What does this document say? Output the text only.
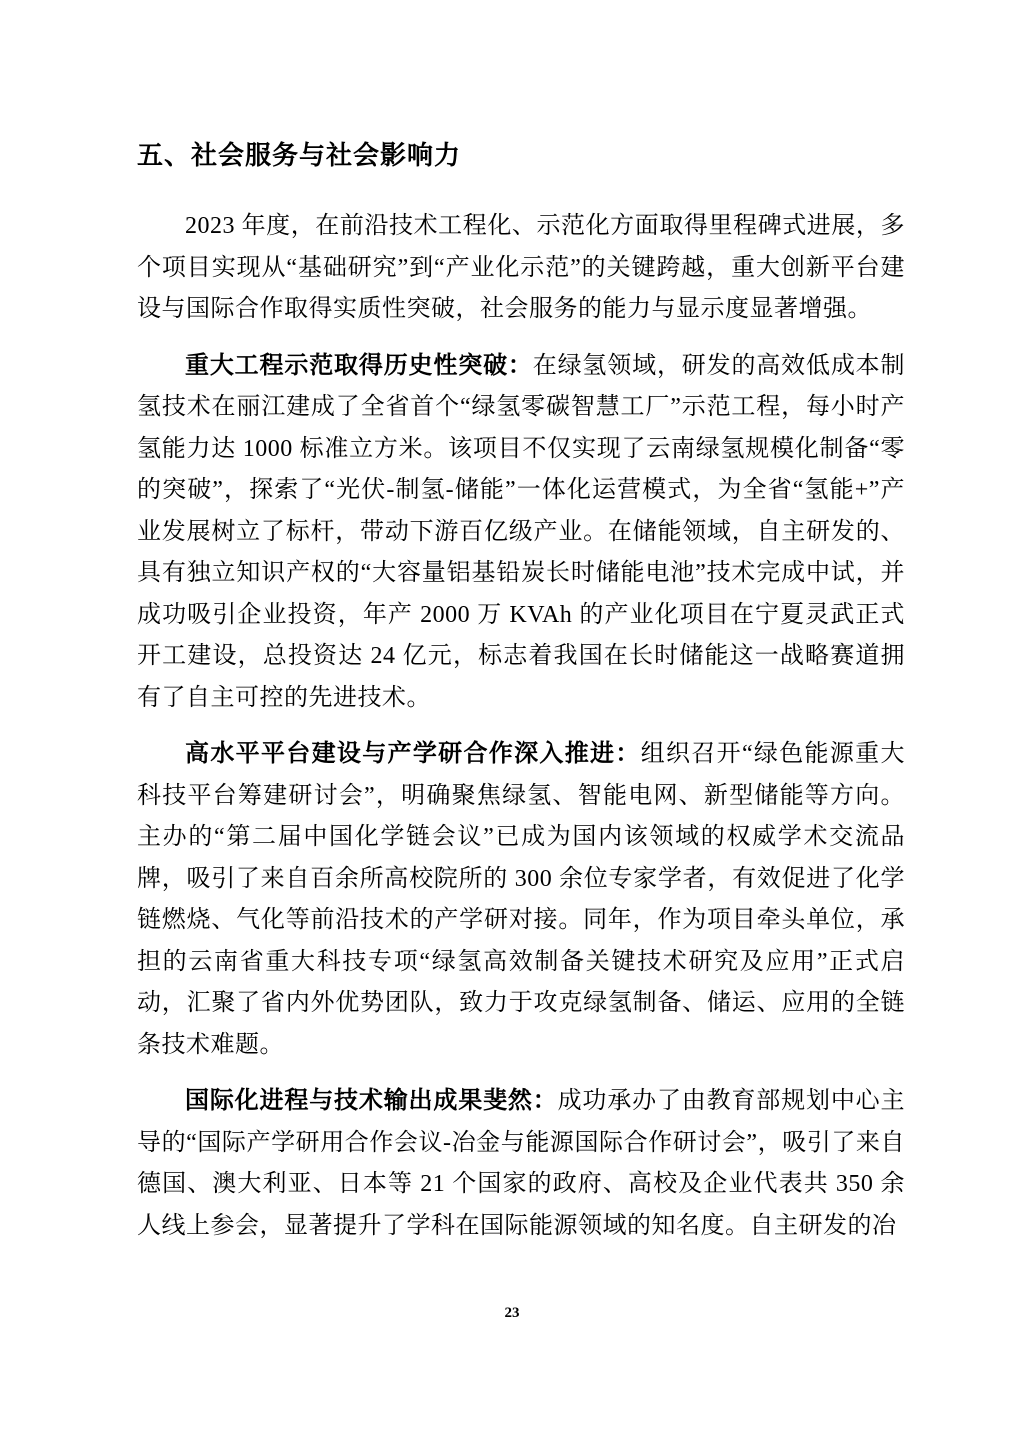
五、社会服务与社会影响力

2023 年度，在前沿技术工程化、示范化方面取得里程碑式进展，多个项目实现从“基础研究”到“产业化示范”的关键跨越，重大创新平台建设与国际合作取得实质性突破，社会服务的能力与显示度显著增强。

重大工程示范取得历史性突破：在绿氢领域，研发的高效低成本制氢技术在丽江建成了全省首个“绿氢零碳智慧工厂”示范工程，每小时产氢能力达 1000 标准立方米。该项目不仅实现了云南绿氢规模化制备“零的突破”，探索了“光伏-制氢-储能”一体化运营模式，为全省“氢能+”产业发展树立了标杆，带动下游百亿级产业。在储能领域，自主研发的、具有独立知识产权的“大容量铝基铅炭长时储能电池”技术完成中试，并成功吸引企业投资，年产 2000 万 KVAh 的产业化项目在宁夏灵武正式开工建设，总投资达 24 亿元，标志着我国在长时储能这一战略赛道拥有了自主可控的先进技术。

高水平平台建设与产学研合作深入推进：组织召开“绿色能源重大科技平台筹建研讨会”，明确聚焦绿氢、智能电网、新型储能等方向。主办的“第二届中国化学链会议”已成为国内该领域的权威学术交流品牌，吸引了来自百余所高校院所的 300 余位专家学者，有效促进了化学链燃烧、气化等前沿技术的产学研对接。同年，作为项目牵头单位，承担的云南省重大科技专项“绿氢高效制备关键技术研究及应用”正式启动，汇聚了省内外优势团队，致力于攻克绿氢制备、储运、应用的全链条技术难题。

国际化进程与技术输出成果斐然：成功承办了由教育部规划中心主导的“国际产学研用合作会议-冶金与能源国际合作研讨会”，吸引了来自德国、澳大利亚、日本等 21 个国家的政府、高校及企业代表共 350 余人线上参会，显著提升了学科在国际能源领域的知名度。自主研发的冶

23
